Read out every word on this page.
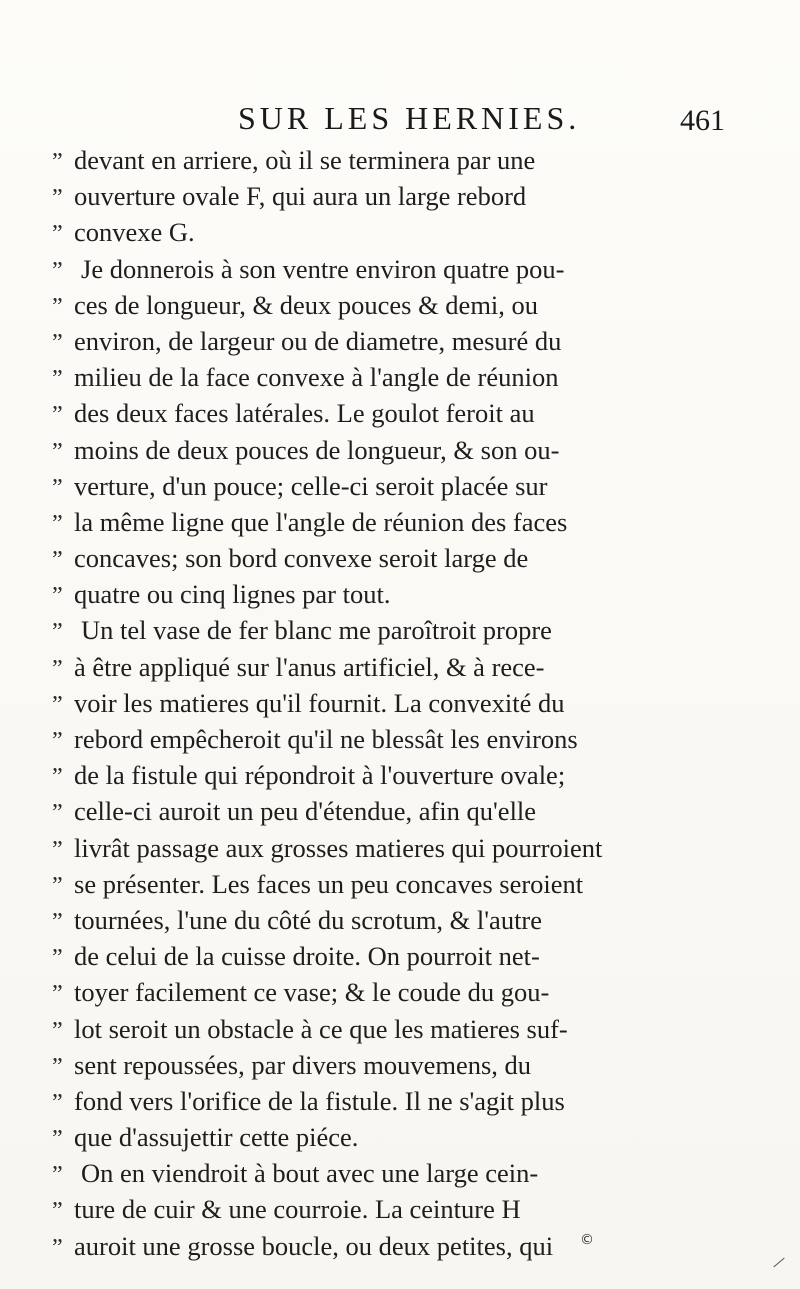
SUR LES HERNIES.	461
” devant en arriere, où il se terminera par une
” ouverture ovale F, qui aura un large rebord
” convexe G.
” Je donnerois à son ventre environ quatre pou-
” ces de longueur, & deux pouces & demi, ou
” environ, de largeur ou de diametre, mesuré du
” milieu de la face convexe à l'angle de réunion
” des deux faces latérales. Le goulot feroit au
” moins de deux pouces de longueur, & son ou-
” verture, d'un pouce; celle-ci seroit placée sur
” la même ligne que l'angle de réunion des faces
” concaves; son bord convexe seroit large de
” quatre ou cinq lignes par tout.
” Un tel vase de fer blanc me paroîtroit propre
” à être appliqué sur l'anus artificiel, & à rece-
” voir les matieres qu'il fournit. La convexité du
” rebord empêcheroit qu'il ne blessât les environs
” de la fistule qui répondroit à l'ouverture ovale;
” celle-ci auroit un peu d'étendue, afin qu'elle
” livrât passage aux grosses matieres qui pourroient
” se présenter. Les faces un peu concaves seroient
” tournées, l'une du côté du scrotum, & l'autre
” de celui de la cuisse droite. On pourroit net-
” toyer facilement ce vase; & le coude du gou-
” lot seroit un obstacle à ce que les matieres suf-
” sent repoussées, par divers mouvemens, du
” fond vers l'orifice de la fistule. Il ne s'agit plus
” que d'assujettir cette piéce.
” On en viendroit à bout avec une large cein-
” ture de cuir & une courroie. La ceinture H
” auroit une grosse boucle, ou deux petites, qui	©
